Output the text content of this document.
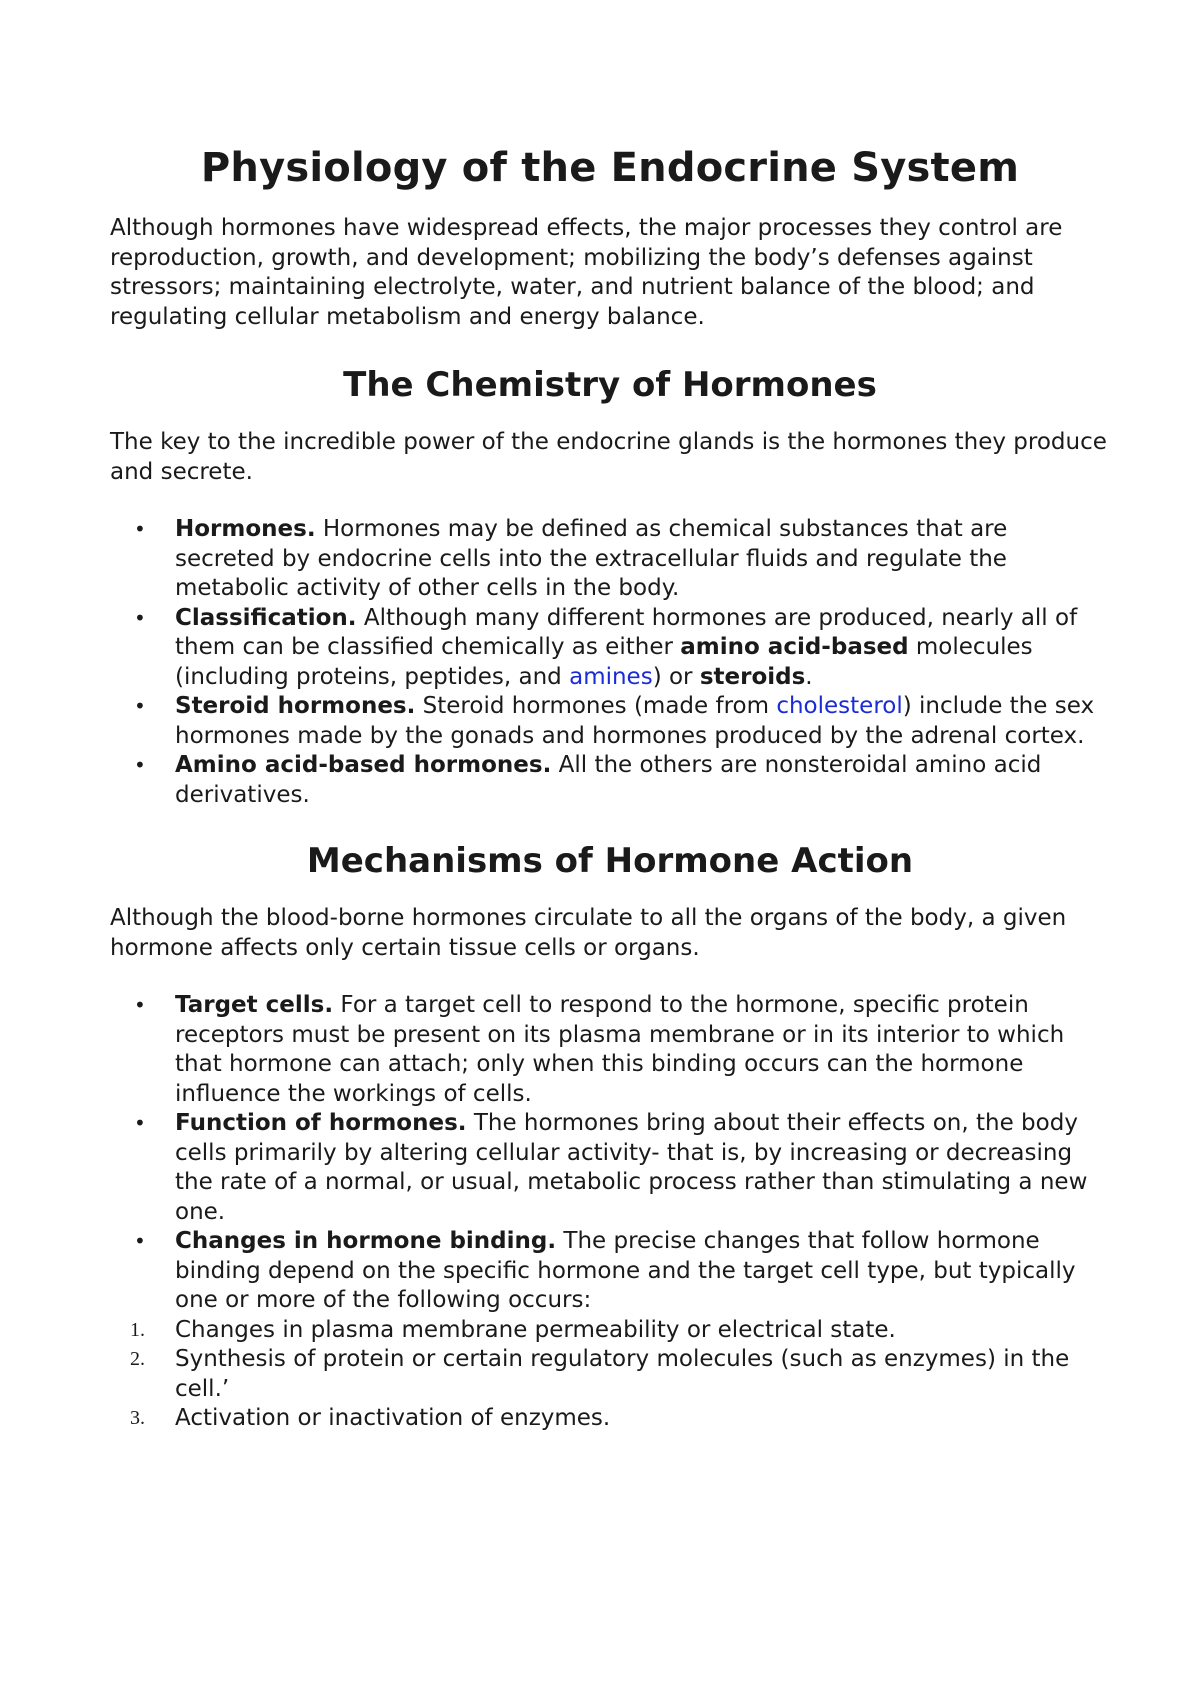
Physiology of the Endocrine System

Although hormones have widespread effects, the major processes they control are reproduction, growth, and development; mobilizing the body’s defenses against stressors; maintaining electrolyte, water, and nutrient balance of the blood; and regulating cellular metabolism and energy balance.

The Chemistry of Hormones

The key to the incredible power of the endocrine glands is the hormones they produce and secrete.

• Hormones. Hormones may be defined as chemical substances that are secreted by endocrine cells into the extracellular fluids and regulate the metabolic activity of other cells in the body.
• Classification. Although many different hormones are produced, nearly all of them can be classified chemically as either amino acid-based molecules (including proteins, peptides, and amines) or steroids.
• Steroid hormones. Steroid hormones (made from cholesterol) include the sex hormones made by the gonads and hormones produced by the adrenal cortex.
• Amino acid-based hormones. All the others are nonsteroidal amino acid derivatives.
Mechanisms of Hormone Action

Although the blood-borne hormones circulate to all the organs of the body, a given hormone affects only certain tissue cells or organs.

• Target cells. For a target cell to respond to the hormone, specific protein receptors must be present on its plasma membrane or in its interior to which that hormone can attach; only when this binding occurs can the hormone influence the workings of cells.
• Function of hormones. The hormones bring about their effects on, the body cells primarily by altering cellular activity- that is, by increasing or decreasing the rate of a normal, or usual, metabolic process rather than stimulating a new one.
• Changes in hormone binding. The precise changes that follow hormone binding depend on the specific hormone and the target cell type, but typically one or more of the following occurs:
1. Changes in plasma membrane permeability or electrical state.
2. Synthesis of protein or certain regulatory molecules (such as enzymes) in the cell.’
3. Activation or inactivation of enzymes.
